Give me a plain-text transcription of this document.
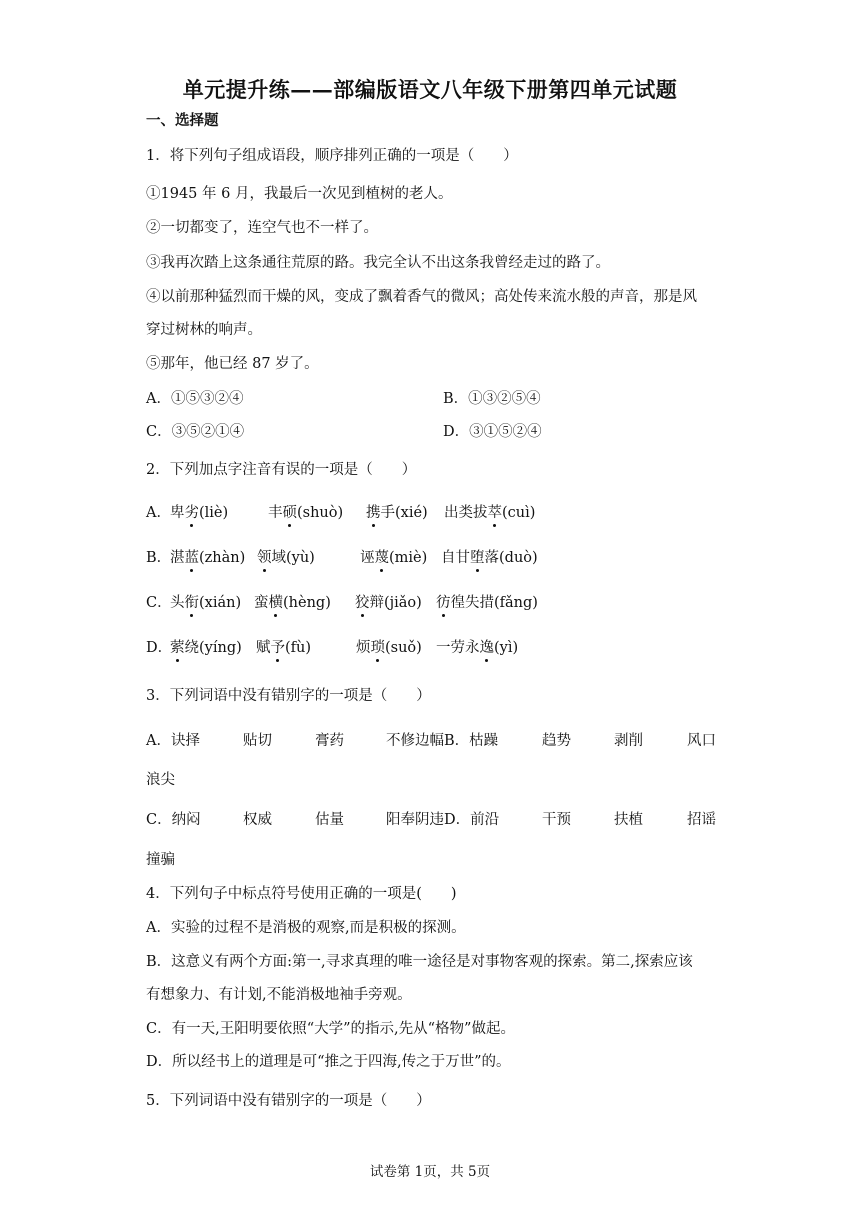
单元提升练——部编版语文八年级下册第四单元试题
一、选择题
1．将下列句子组成语段，顺序排列正确的一项是（　　）
①1945 年 6 月，我最后一次见到植树的老人。
②一切都变了，连空气也不一样了。
③我再次踏上这条通往荒原的路。我完全认不出这条我曾经走过的路了。
④以前那种猛烈而干燥的风，变成了飘着香气的微风；高处传来流水般的声音，那是风
穿过树林的响声。
⑤那年，他已经 87 岁了。
A．①⑤③②④	B．①③②⑤④
C．③⑤②①④	D．③①⑤②④
2．下列加点字注音有误的一项是（　　）
A． 卑劣(liè)	丰硕(shuò) 携手(xié) 出类拔萃(cuì)
B．
湛蓝(zhàn) 领域(yù)	诬蔑(miè) 自甘堕落(duò)
C．
头衔(xián) 蛮横(hèng) 狡辩(jiǎo) 彷徨失措(fǎng)
D．
萦绕(yíng) 赋予(fù)	烦琐(suǒ) 一劳永逸(yì)
3．下列词语中没有错别字的一项是（　　）
A．诀择	贴切	膏药	不修边幅 B．枯躁	趋势	剥削	风口
浪尖
C．纳闷	权威	估量	阳奉阴违 D．前沿	干预	扶植	招谣
撞骗
4．下列句子中标点符号使用正确的一项是(　　)
A．实验的过程不是消极的观察,而是积极的探测。
B．这意义有两个方面:第一,寻求真理的唯一途径是对事物客观的探索。第二,探索应该
有想象力、有计划,不能消极地袖手旁观。
C．有一天,王阳明要依照“大学”的指示,先从“格物”做起。
D．所以经书上的道理是可“推之于四海,传之于万世”的。
5．下列词语中没有错别字的一项是（　　）
试卷第 1页，共 5页
